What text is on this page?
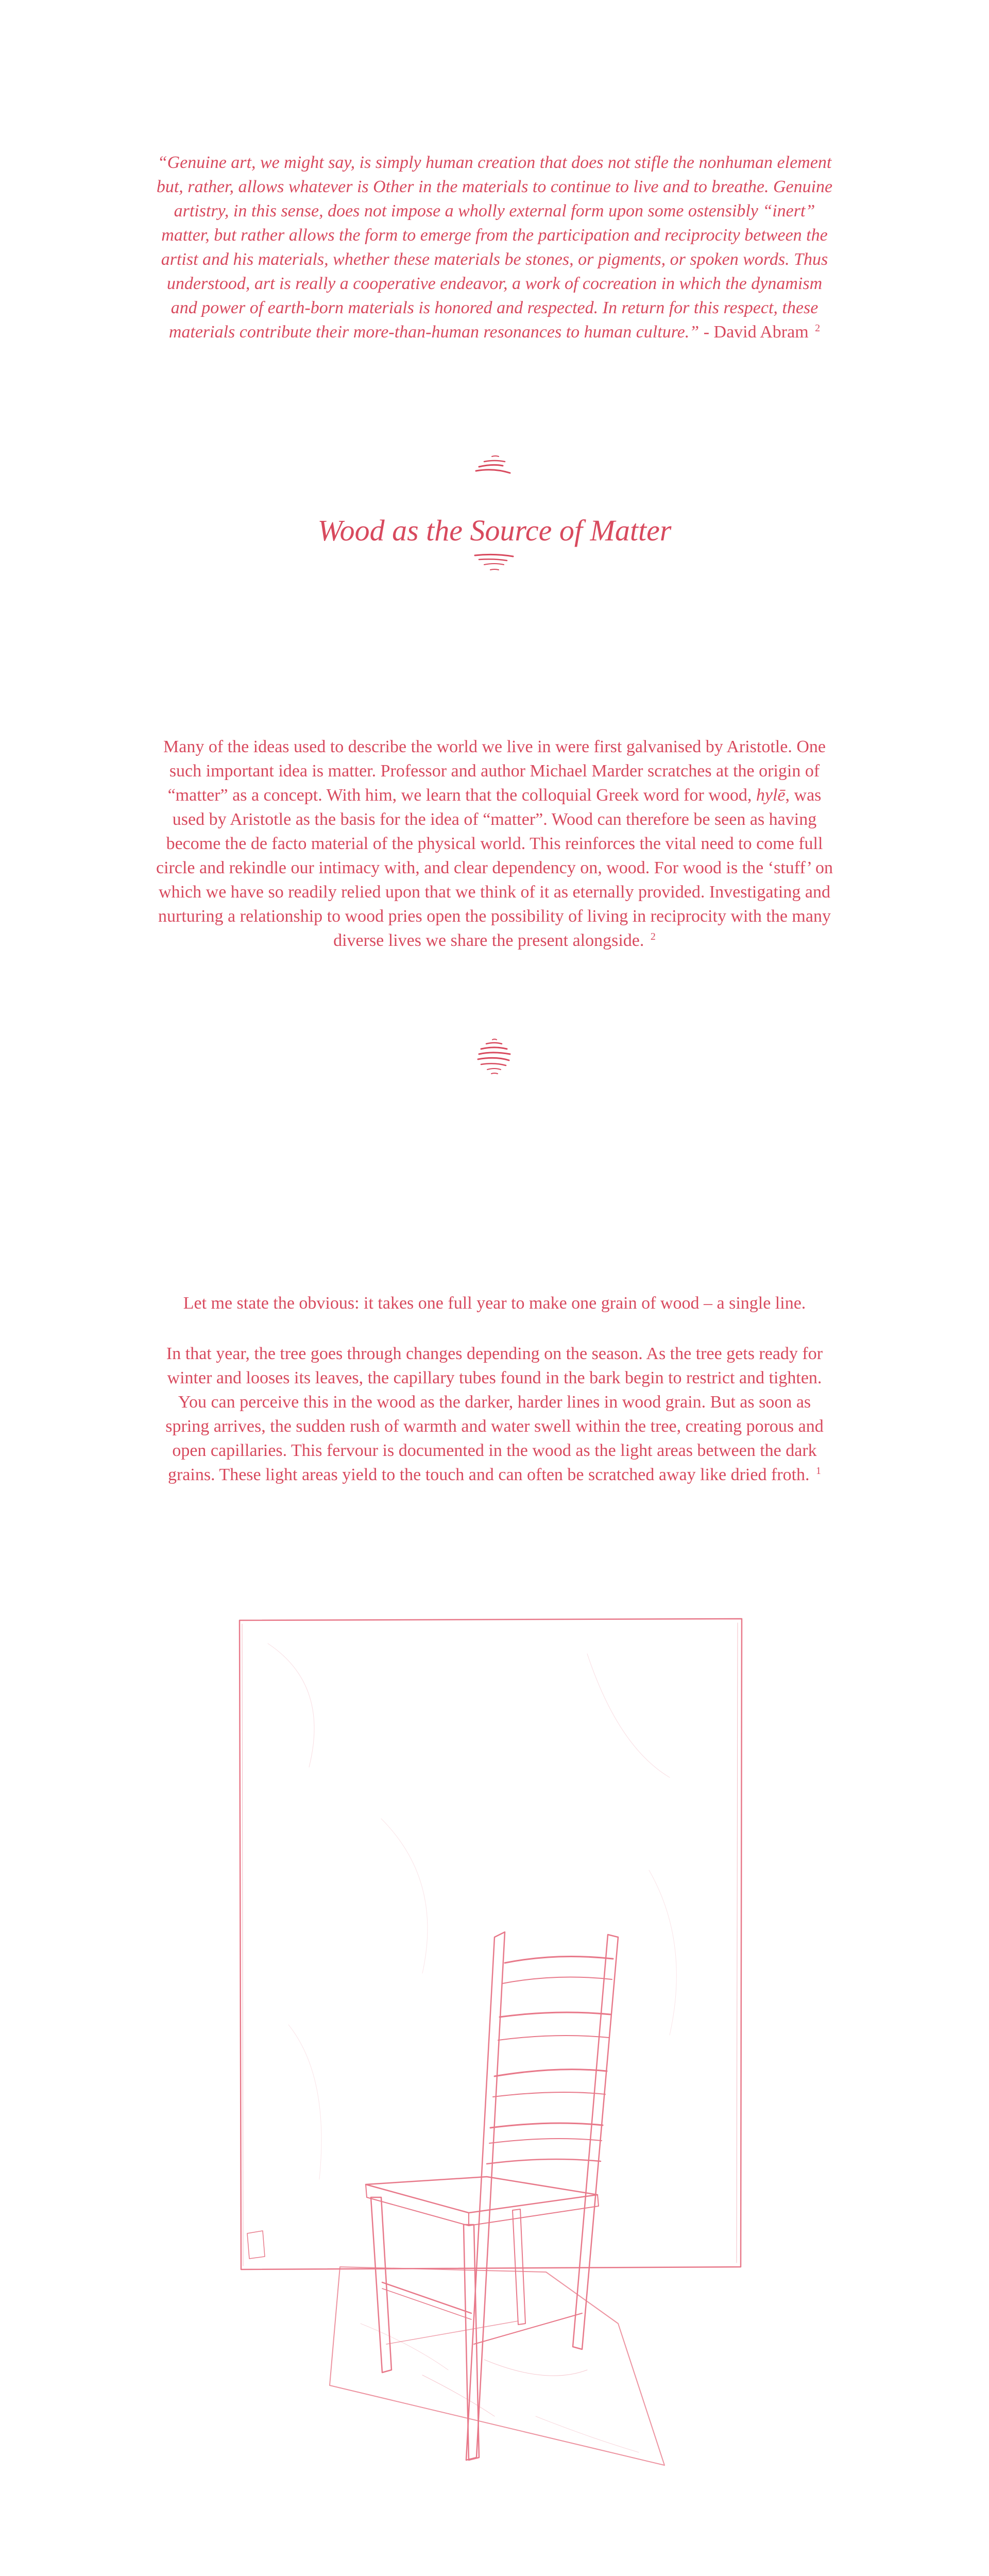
“Genuine art, we might say, is simply human creation that does not stifle the nonhuman element but, rather, allows whatever is Other in the materials to continue to live and to breathe. Genuine artistry, in this sense, does not impose a wholly external form upon some ostensibly “inert” matter, but rather allows the form to emerge from the participation and reciprocity between the artist and his materials, whether these materials be stones, or pigments, or spoken words. Thus understood, art is really a cooperative endeavor, a work of cocreation in which the dynamism and power of earth-born materials is honored and respected. In return for this respect, these materials contribute their more-than-human resonances to human culture.” - David Abram $^2$

Wood as the Source of Matter

Many of the ideas used to describe the world we live in were first galvanised by Aristotle. One such important idea is matter. Professor and author Michael Marder scratches at the origin of “matter” as a concept. With him, we learn that the colloquial Greek word for wood, hylē, was used by Aristotle as the basis for the idea of “matter”. Wood can therefore be seen as having become the de facto material of the physical world. This reinforces the vital need to come full circle and rekindle our intimacy with, and clear dependency on, wood. For wood is the ‘stuff’ on which we have so readily relied upon that we think of it as eternally provided. Investigating and nurturing a relationship to wood pries open the possibility of living in reciprocity with the many diverse lives we share the present alongside. $^2$

Let me state the obvious: it takes one full year to make one grain of wood – a single line.

In that year, the tree goes through changes depending on the season. As the tree gets ready for winter and looses its leaves, the capillary tubes found in the bark begin to restrict and tighten. You can perceive this in the wood as the darker, harder lines in wood grain. But as soon as spring arrives, the sudden rush of warmth and water swell within the tree, creating porous and open capillaries. This fervour is documented in the wood as the light areas between the dark grains. These light areas yield to the touch and can often be scratched away like dried froth. $^1$
